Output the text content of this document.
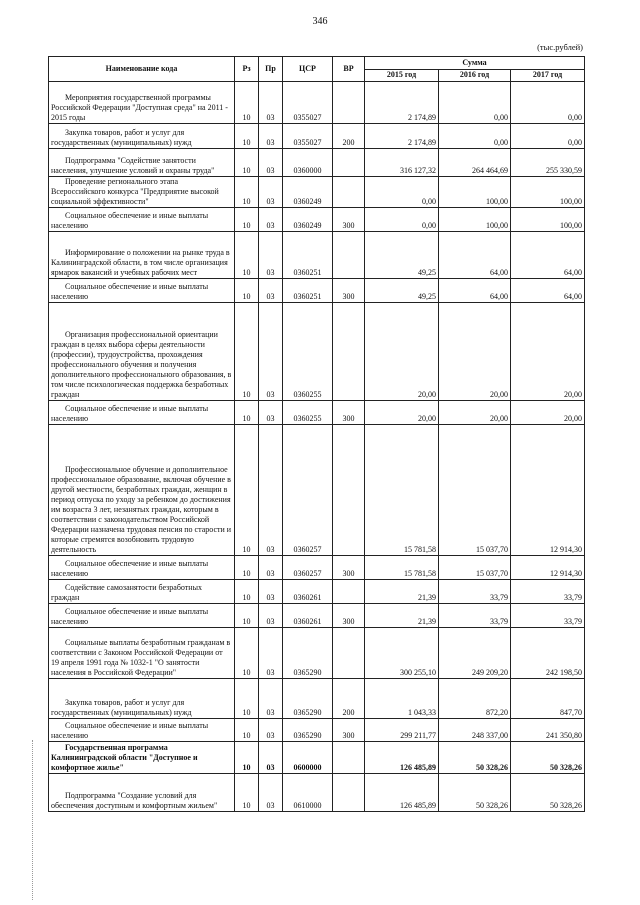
346
(тыс.рублей)
Наименование кода	Рз	Пр	ЦСР	ВР	Сумма		
					2015 год	2016 год	2017 год
Мероприятия государственной программы Российской Федерации "Доступная среда" на 2011 - 2015 годы	10	03	0355027		2 174,89	0,00	0,00
Закупка товаров, работ и услуг для государственных (муниципальных) нужд	10	03	0355027	200	2 174,89	0,00	0,00
Подпрограмма "Содействие занятости населения, улучшение условий и охраны труда"	10	03	0360000		316 127,32	264 464,69	255 330,59
Проведение регионального этапа Всероссийского конкурса "Предприятие высокой социальной эффективности"	10	03	0360249		0,00	100,00	100,00
Социальное обеспечение и иные выплаты населению	10	03	0360249	300	0,00	100,00	100,00
Информирование о положении на рынке труда в Калининградской области, в том числе организация ярмарок вакансий и учебных рабочих мест	10	03	0360251		49,25	64,00	64,00
Социальное обеспечение и иные выплаты населению	10	03	0360251	300	49,25	64,00	64,00
Организация профессиональной ориентации граждан в целях выбора сферы деятельности (профессии), трудоустройства, прохождения профессионального обучения и получения дополнительного профессионального образования, в том числе психологическая поддержка безработных граждан	10	03	0360255		20,00	20,00	20,00
Социальное обеспечение и иные выплаты населению	10	03	0360255	300	20,00	20,00	20,00
Профессиональное обучение и дополнительное профессиональное образование, включая обучение в другой местности, безработных граждан, женщин в период отпуска по уходу за ребенком до достижения им возраста 3 лет, незанятых граждан, которым в соответствии с законодательством Российской Федерации назначена трудовая пенсия по старости и которые стремятся возобновить трудовую деятельность	10	03	0360257		15 781,58	15 037,70	12 914,30
Социальное обеспечение и иные выплаты населению	10	03	0360257	300	15 781,58	15 037,70	12 914,30
Содействие самозанятости безработных граждан	10	03	0360261		21,39	33,79	33,79
Социальное обеспечение и иные выплаты населению	10	03	0360261	300	21,39	33,79	33,79
Социальные выплаты безработным гражданам в соответствии с Законом Российской Федерации от 19 апреля 1991 года № 1032-1 "О занятости населения в Российской Федерации"	10	03	0365290		300 255,10	249 209,20	242 198,50
Закупка товаров, работ и услуг для государственных (муниципальных) нужд	10	03	0365290	200	1 043,33	872,20	847,70
Социальное обеспечение и иные выплаты населению	10	03	0365290	300	299 211,77	248 337,00	241 350,80
Государственная программа Калининградской области "Доступное и комфортное жилье"	10	03	0600000		126 485,89	50 328,26	50 328,26
Подпрограмма "Создание условий для обеспечения доступным и комфортным жильем"	10	03	0610000		126 485,89	50 328,26	50 328,26
